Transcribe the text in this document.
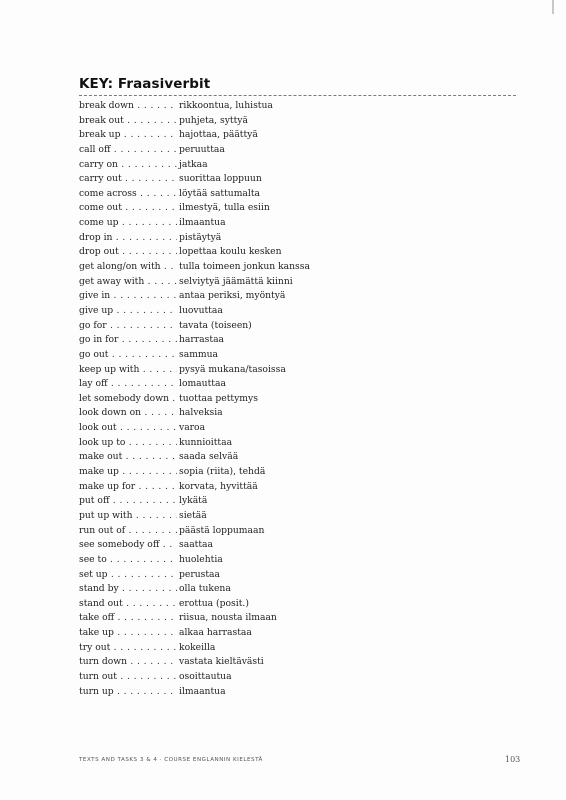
KEY: Fraasiverbit
break down . . .	rikkoontua, luhistua
break out . . .	puhjeta, syttyä
break up . . .	hajottaa, päättyä
call off . . .	peruuttaa
carry on . . .	jatkaa
carry out . . .	suorittaa loppuun
come across . . .	löytää sattumalta
come out . . .	ilmestyä, tulla esiin
come up . . .	ilmaantua
drop in . . .	pistäytyä
drop out . . .	lopettaa koulu kesken
get along/on with . . .	tulla toimeen jonkun kanssa
get away with . . .	selviytyä jäämättä kiinni
give in . . .	antaa periksi, myöntyä
give up . . .	luovuttaa
go for . . .	tavata (toiseen)
go in for . . .	harrastaa
go out . . .	sammua
keep up with . . .	pysyä mukana/tasoissa
lay off . . .	lomauttaa
let somebody down . . .	tuottaa pettymys
look down on . . .	halveksia
look out . . .	varoa
look up to . . .	kunnioittaa
make out . . .	saada selvää
make up . . .	sopia (riita), tehdä
make up for . . .	korvata, hyvittää
put off . . .	lykätä
put up with . . .	sietää
run out of . . .	päästä loppumaan
see somebody off . . .	saattaa
see to . . .	huolehtia
set up . . .	perustaa
stand by . . .	olla tukena
stand out . . .	erottua (posit.)
take off . . .	riisua, nousta ilmaan
take up . . .	alkaa harrastaa
try out . . .	kokeilla
turn down . . .	vastata kieltävästi
turn out . . .	osoittautua
turn up . . .	ilmaantua
TEXTS AND TASKS 3 & 4 · COURSE ENGLANNIN KIELESTÄ	103
